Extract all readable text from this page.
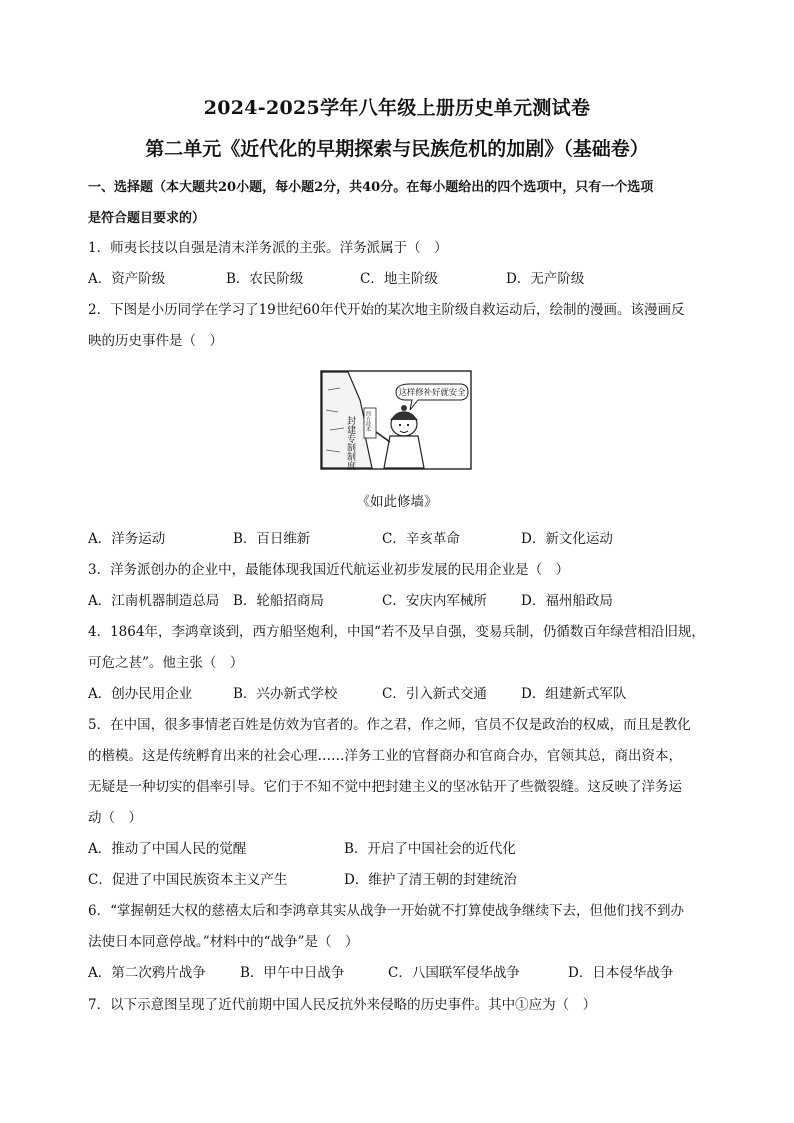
2024-2025学年八年级上册历史单元测试卷
第二单元《近代化的早期探索与民族危机的加剧》（基础卷）
一、选择题（本大题共20小题，每小题2分，共40分。在每小题给出的四个选项中，只有一个选项
是符合题目要求的）
1．师夷长技以自强是清末洋务派的主张。洋务派属于（　）
A．资产阶级	B．农民阶级	C．地主阶级	D．无产阶级
2．下图是小历同学在学习了19世纪60年代开始的某次地主阶级自救运动后，绘制的漫画。该漫画反
映的历史事件是（　）
封建专制制度 西方技术
这样修补好就安全
《如此修墙》
A．洋务运动	B．百日维新	C．辛亥革命	D．新文化运动
3．洋务派创办的企业中，最能体现我国近代航运业初步发展的民用企业是（　）
A．江南机器制造总局 B．轮船招商局	C．安庆内军械所	D．福州船政局
4．1864年，李鸿章谈到，西方船坚炮利，中国“若不及早自强，变易兵制，仍循数百年绿营相沿旧规，
可危之甚”。他主张（　）
A．创办民用企业	B．兴办新式学校	C．引入新式交通	D．组建新式军队
5．在中国，很多事情老百姓是仿效为官者的。作之君，作之师，官员不仅是政治的权威，而且是教化
的楷模。这是传统孵育出来的社会心理……洋务工业的官督商办和官商合办，官领其总，商出资本，
无疑是一种切实的倡率引导。它们于不知不觉中把封建主义的坚冰钻开了些微裂缝。这反映了洋务运
动（　）
A．推动了中国人民的觉醒	B．开启了中国社会的近代化
C．促进了中国民族资本主义产生	D．维护了清王朝的封建统治
6．“掌握朝廷大权的慈禧太后和李鸿章其实从战争一开始就不打算使战争继续下去，但他们找不到办
法使日本同意停战。”材料中的“战争”是（　）
A．第二次鸦片战争	B．甲午中日战争	C．八国联军侵华战争	D．日本侵华战争
7．以下示意图呈现了近代前期中国人民反抗外来侵略的历史事件。其中①应为（　）
